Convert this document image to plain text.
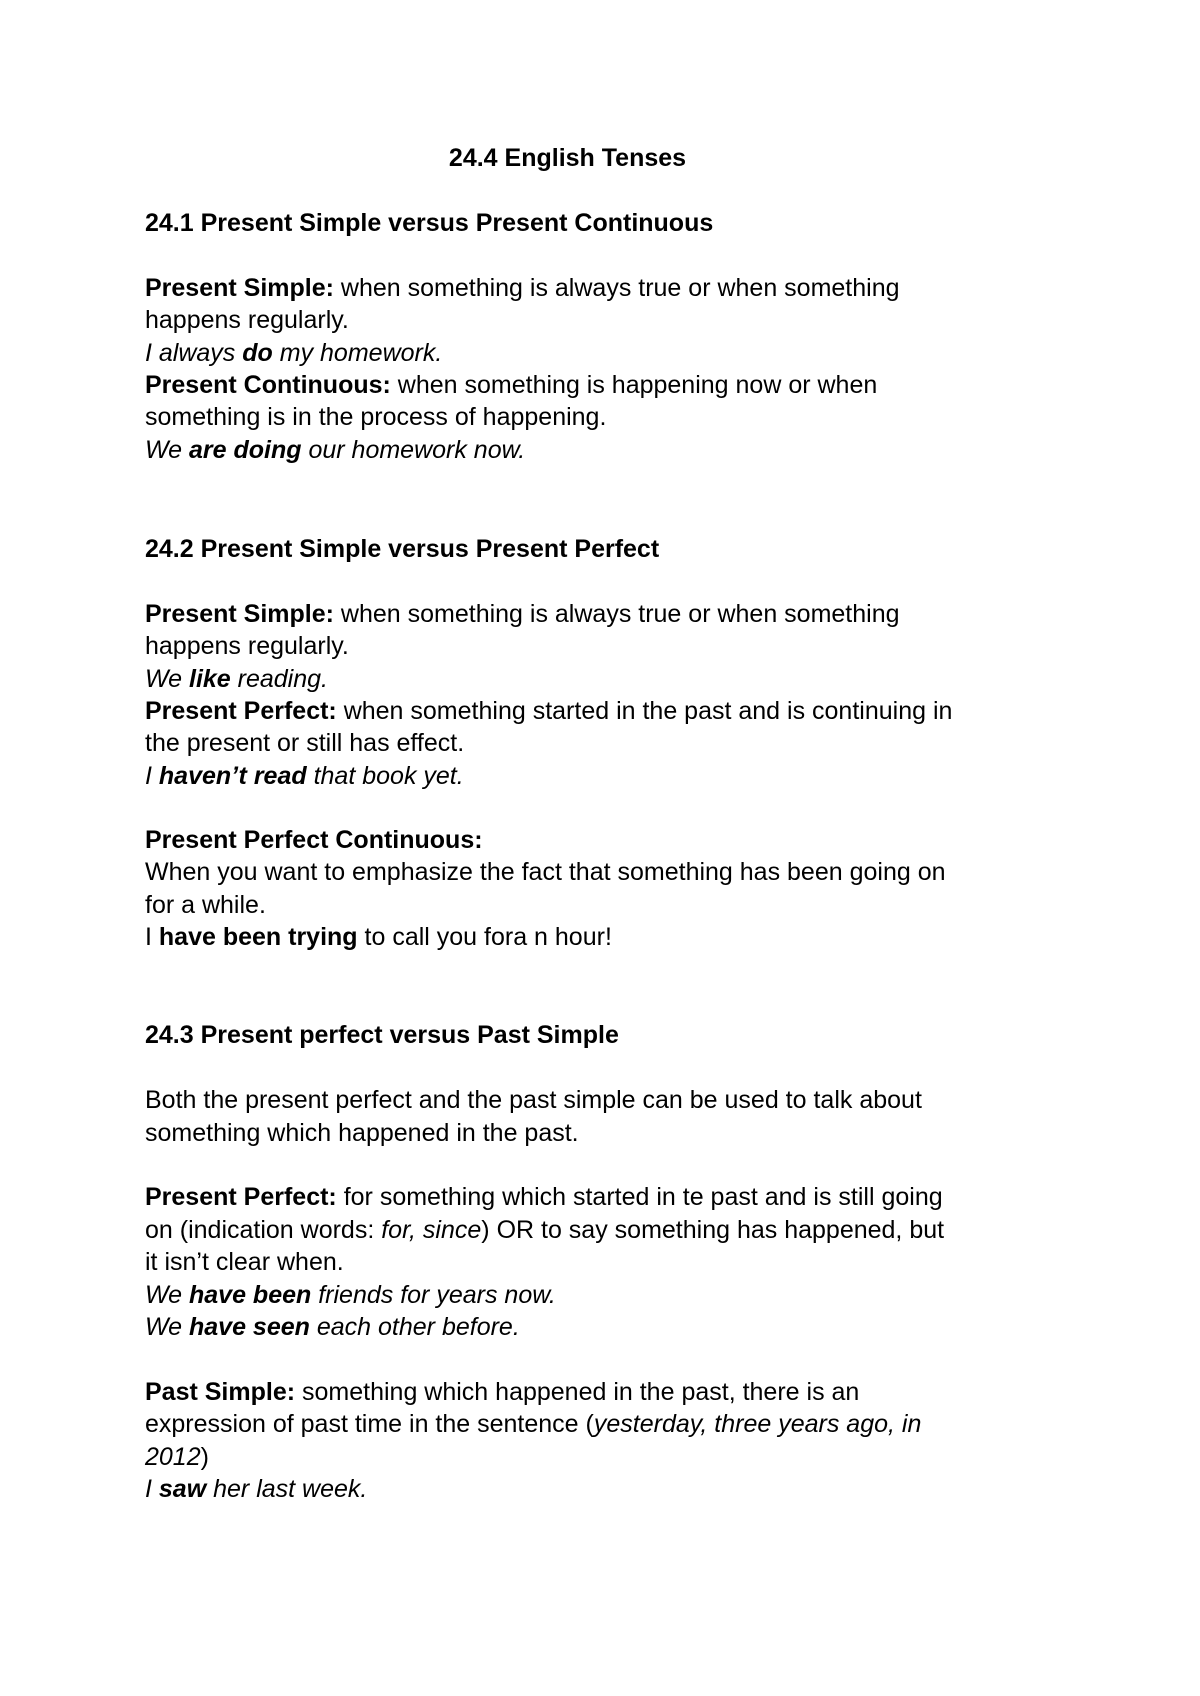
24.4 English Tenses
24.1 Present Simple versus Present Continuous
Present Simple: when something is always true or when something
happens regularly.
I always do my homework.
Present Continuous: when something is happening now or when
something is in the process of happening.
We are doing our homework now.
24.2 Present Simple versus Present Perfect
Present Simple: when something is always true or when something
happens regularly.
We like reading.
Present Perfect: when something started in the past and is continuing in
the present or still has effect.
I haven’t read that book yet.
Present Perfect Continuous:
When you want to emphasize the fact that something has been going on
for a while.
I have been trying to call you fora n hour!
24.3 Present perfect versus Past Simple
Both the present perfect and the past simple can be used to talk about
something which happened in the past.
Present Perfect: for something which started in te past and is still going
on (indication words: for, since) OR to say something has happened, but
it isn’t clear when.
We have been friends for years now.
We have seen each other before.
Past Simple: something which happened in the past, there is an
expression of past time in the sentence (yesterday, three years ago, in
2012)
I saw her last week.
